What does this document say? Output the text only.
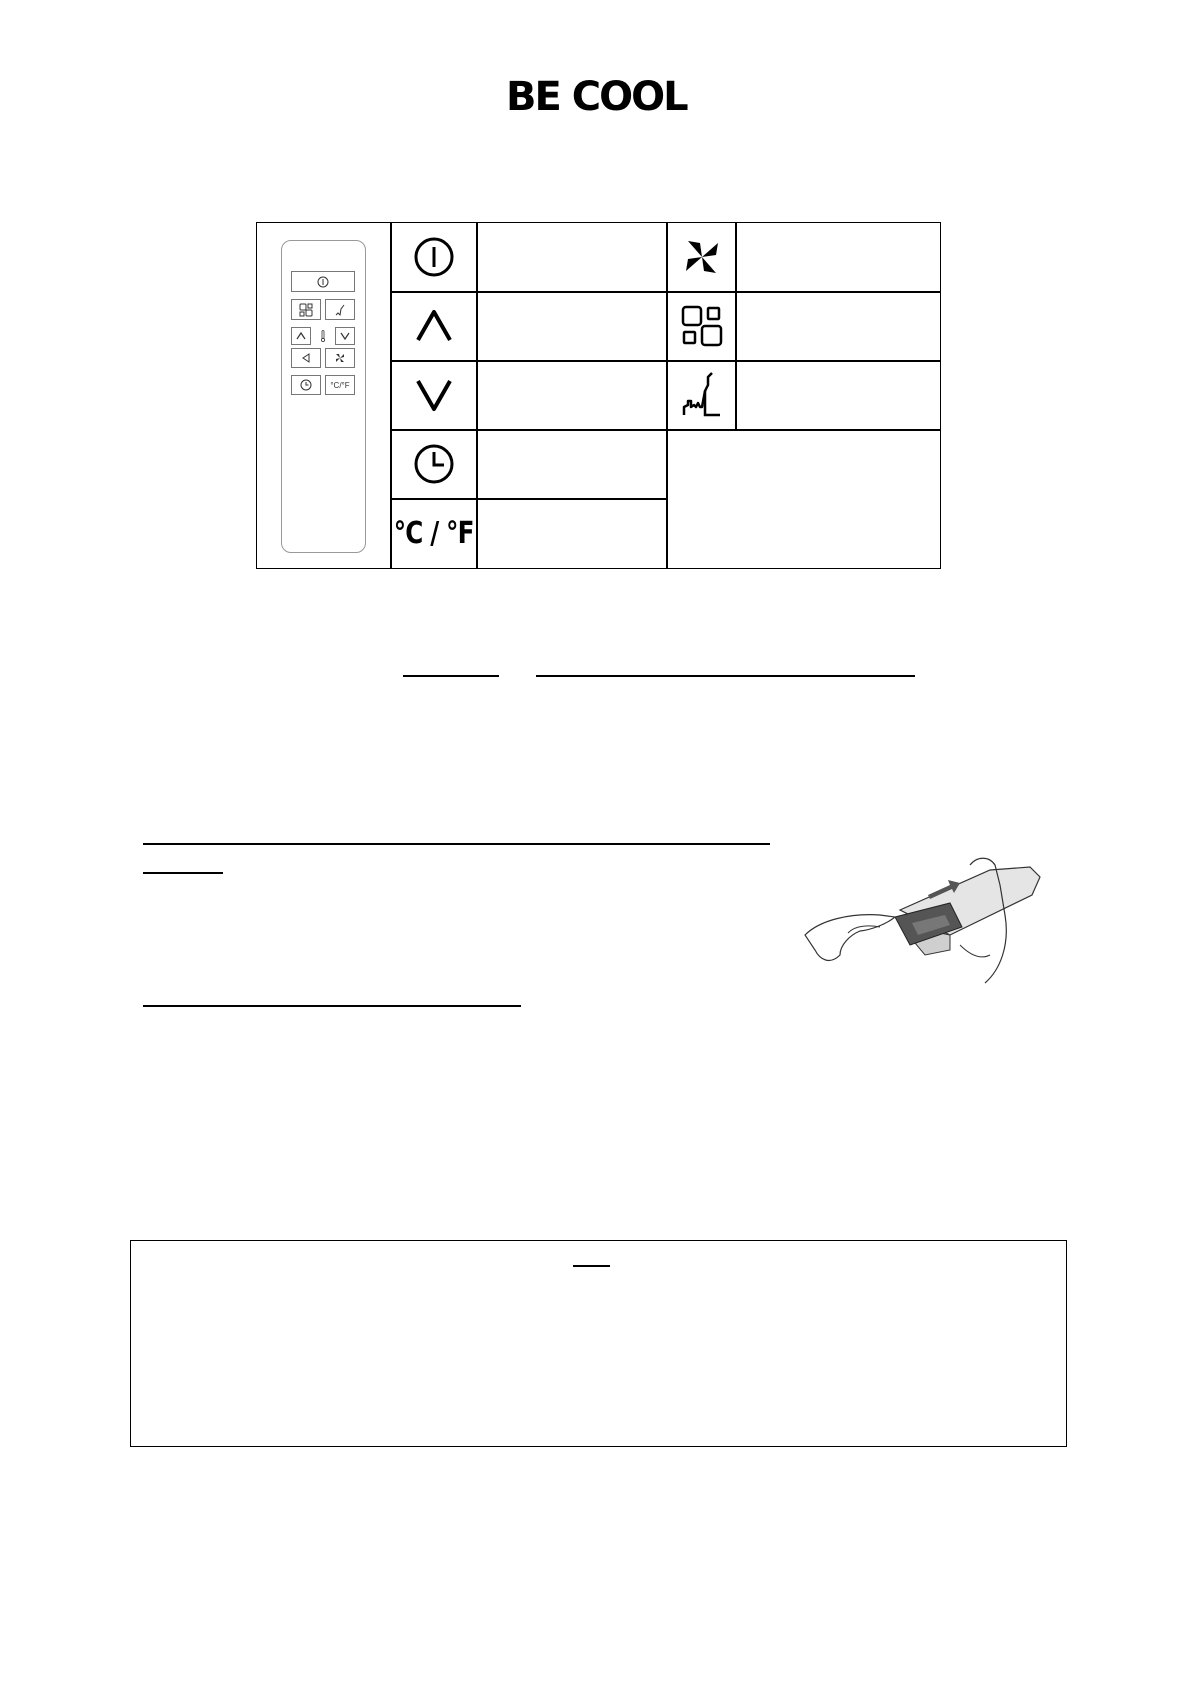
BE COOL
°C/°F
°C / °F
